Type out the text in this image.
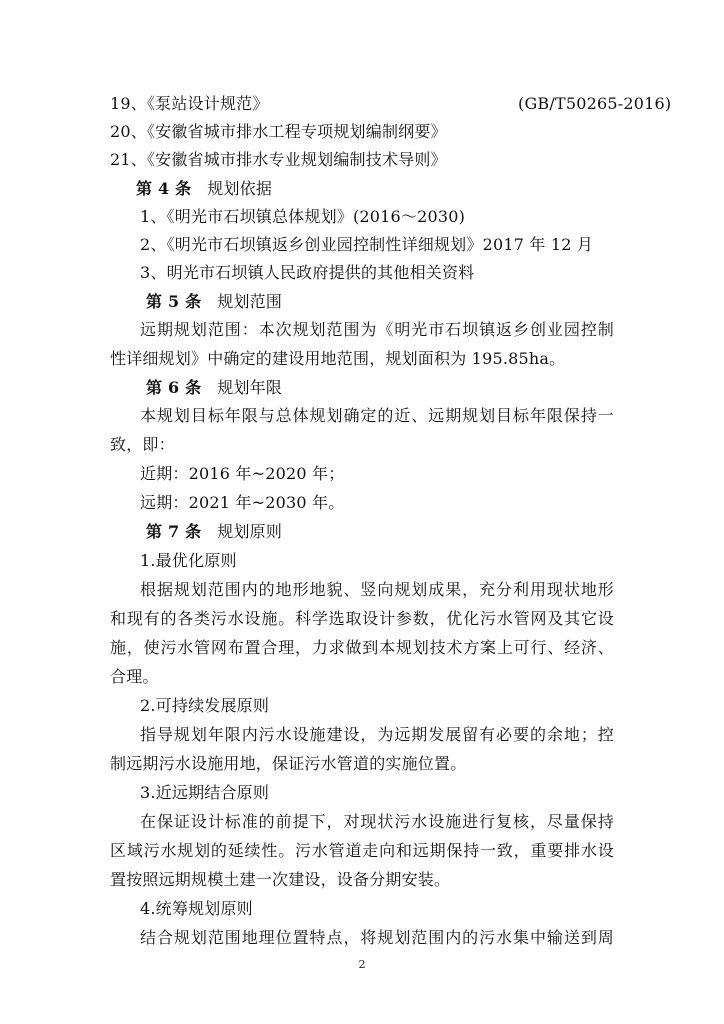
19、《泵站设计规范》	(GB/T50265-2016)
20、《安徽省城市排水工程专项规划编制纲要》
21、《安徽省城市排水专业规划编制技术导则》
第 4 条 规划依据
1、《明光市石坝镇总体规划》(2016～2030)
2、《明光市石坝镇返乡创业园控制性详细规划》2017 年 12 月
3、明光市石坝镇人民政府提供的其他相关资料
第 5 条 规划范围
远期规划范围：本次规划范围为《明光市石坝镇返乡创业园控制
性详细规划》中确定的建设用地范围，规划面积为 195.85ha。
第 6 条 规划年限
本规划目标年限与总体规划确定的近、远期规划目标年限保持一
致，即：
近期：2016 年~2020 年；
远期：2021 年~2030 年。
第 7 条 规划原则
1.最优化原则
根据规划范围内的地形地貌、竖向规划成果，充分利用现状地形
和现有的各类污水设施。科学选取设计参数，优化污水管网及其它设
施，使污水管网布置合理，力求做到本规划技术方案上可行、经济、
合理。
2.可持续发展原则
指导规划年限内污水设施建设，为远期发展留有必要的余地；控
制远期污水设施用地，保证污水管道的实施位置。
3.近远期结合原则
在保证设计标准的前提下，对现状污水设施进行复核，尽量保持
区域污水规划的延续性。污水管道走向和远期保持一致，重要排水设
置按照远期规模土建一次建设，设备分期安装。
4.统筹规划原则
结合规划范围地理位置特点，将规划范围内的污水集中输送到周
2
